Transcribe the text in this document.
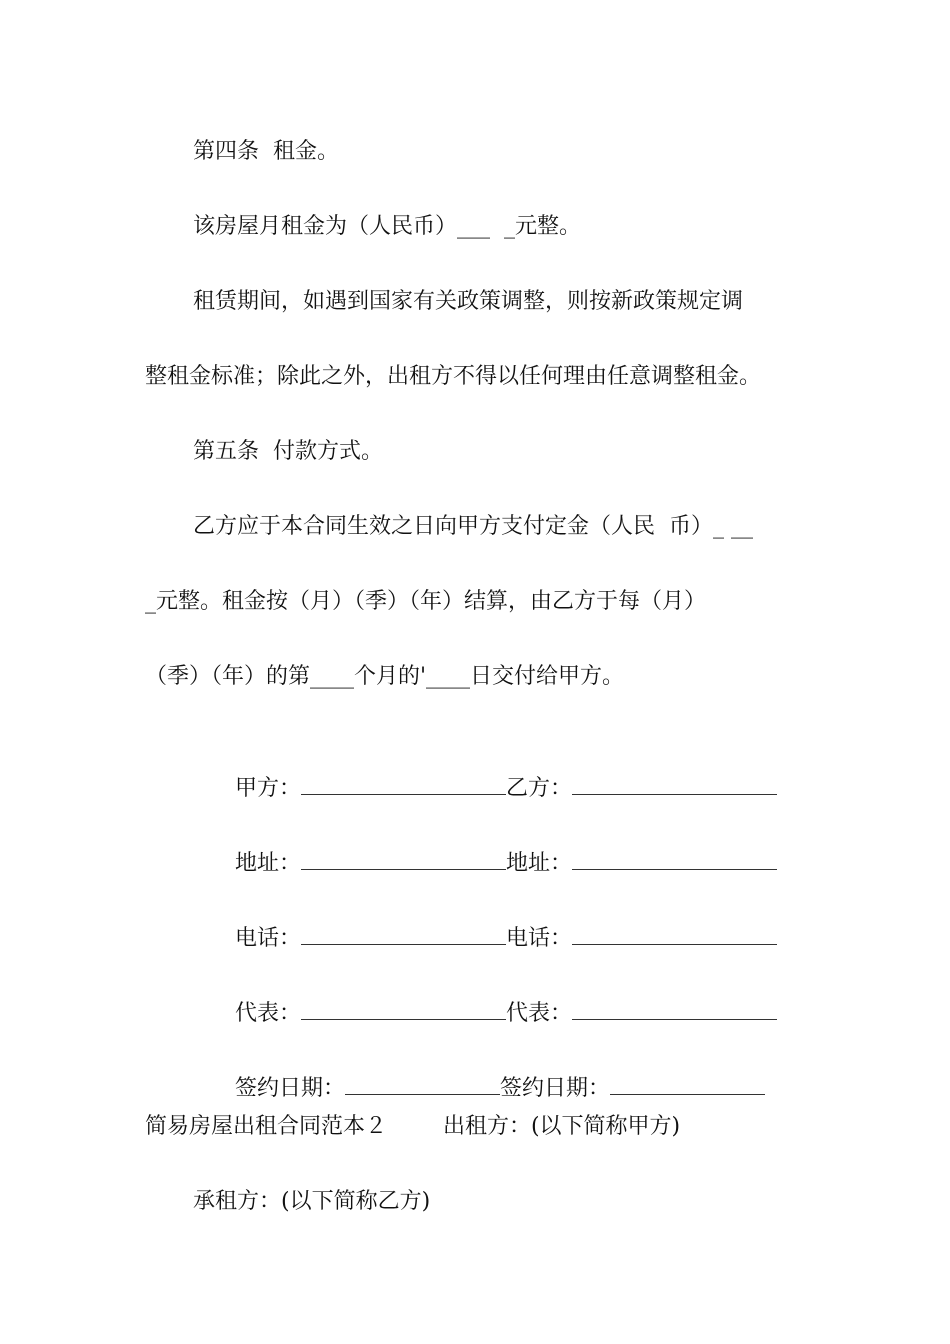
第四条  租金。
该房屋月租金为（人民币）___  _元整。
租赁期间，如遇到国家有关政策调整，则按新政策规定调
整租金标准；除此之外，出租方不得以任何理由任意调整租金。
第五条  付款方式。
乙方应于本合同生效之日向甲方支付定金（人民  币）_ __
_元整。租金按（月）（季）（年）结算，由乙方于每（月）
（季）（年）的第____个月的'____日交付给甲方。

甲方：	乙方：

地址：	地址：

电话：	电话：

代表：	代表：

签约日期：	签约日期：

简易房屋出租合同范本２        出租方：(以下简称甲方)
承租方：(以下简称乙方)
